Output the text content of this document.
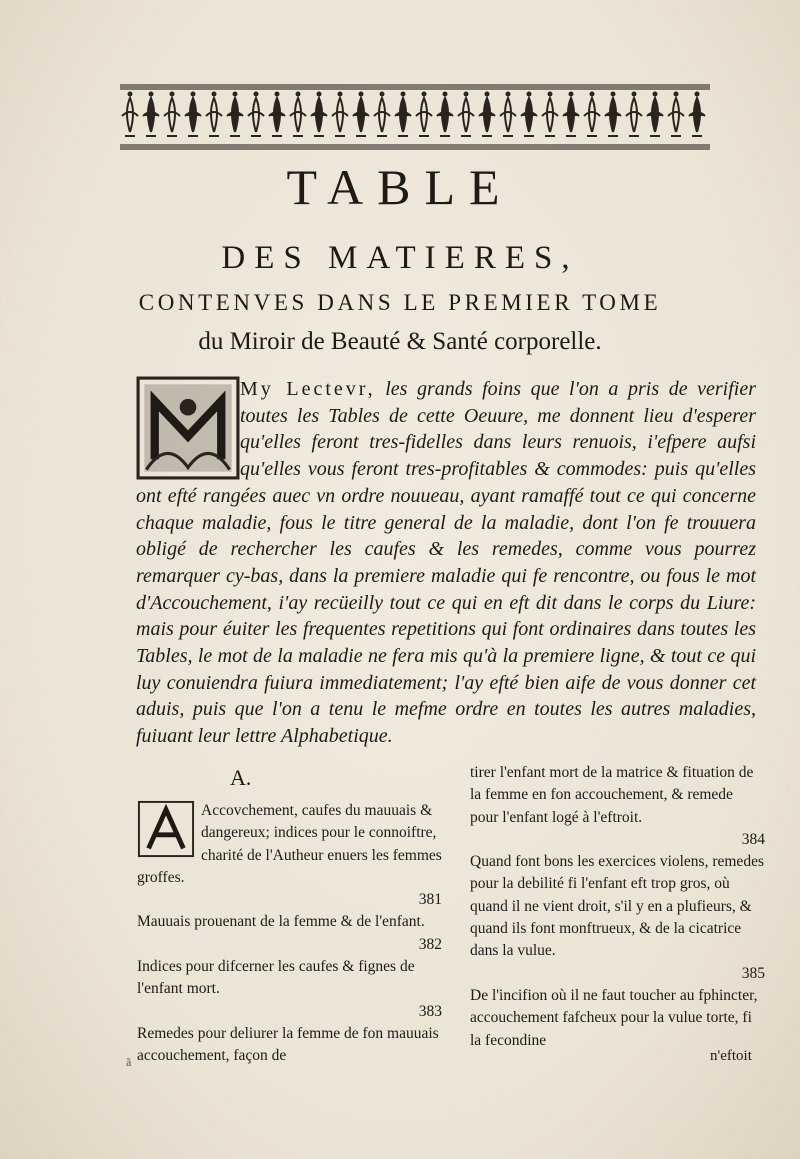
TABLE
DES MATIERES,
CONTENVES DANS LE PREMIER TOME
du Miroir de Beauté & Santé corporelle.

My Lectevr, les grands foins que l'on a pris de verifier toutes les Tables de cette Oeuure, me donnent lieu d'esperer qu'elles feront tres-fidelles dans leurs renuois, i'efpere aufsi qu'elles vous feront tres-profitables & commodes: puis qu'elles ont efté rangées auec vn ordre nouueau, ayant ramaffé tout ce qui concerne chaque maladie, fous le titre general de la maladie, dont l'on fe trouuera obligé de rechercher les caufes & les remedes, comme vous pourrez remarquer cy-bas, dans la premiere maladie qui fe rencontre, ou fous le mot d'Accouchement, i'ay recüeilly tout ce qui en eft dit dans le corps du Liure: mais pour éuiter les frequentes repetitions qui font ordinaires dans toutes les Tables, le mot de la maladie ne fera mis qu'à la premiere ligne, & tout ce qui luy conuiendra fuiura immediatement; l'ay efté bien aife de vous donner cet aduis, puis que l'on a tenu le mefme ordre en toutes les autres maladies, fuiuant leur lettre Alphabetique.

A.
Accovchement, caufes du mauuais & dangereux; indices pour le connoiftre, charité de l'Autheur enuers les femmes groffes.
381
Mauuais prouenant de la femme & de l'enfant.
382
Indices pour difcerner les caufes & fignes de l'enfant mort.
383
Remedes pour deliurer la femme de fon mauuais accouchement, façon de
tirer l'enfant mort de la matrice & fituation de la femme en fon accouchement, & remede pour l'enfant logé à l'eftroit.
384
Quand font bons les exercices violens, remedes pour la debilité fi l'enfant eft trop gros, où quand il ne vient droit, s'il y en a plufieurs, & quand ils font monftrueux, & de la cicatrice dans la vulue.
385
De l'incifion où il ne faut toucher au fphincter, accouchement fafcheux pour la vulue torte, fi la fecondine
n'eftoit
ã
